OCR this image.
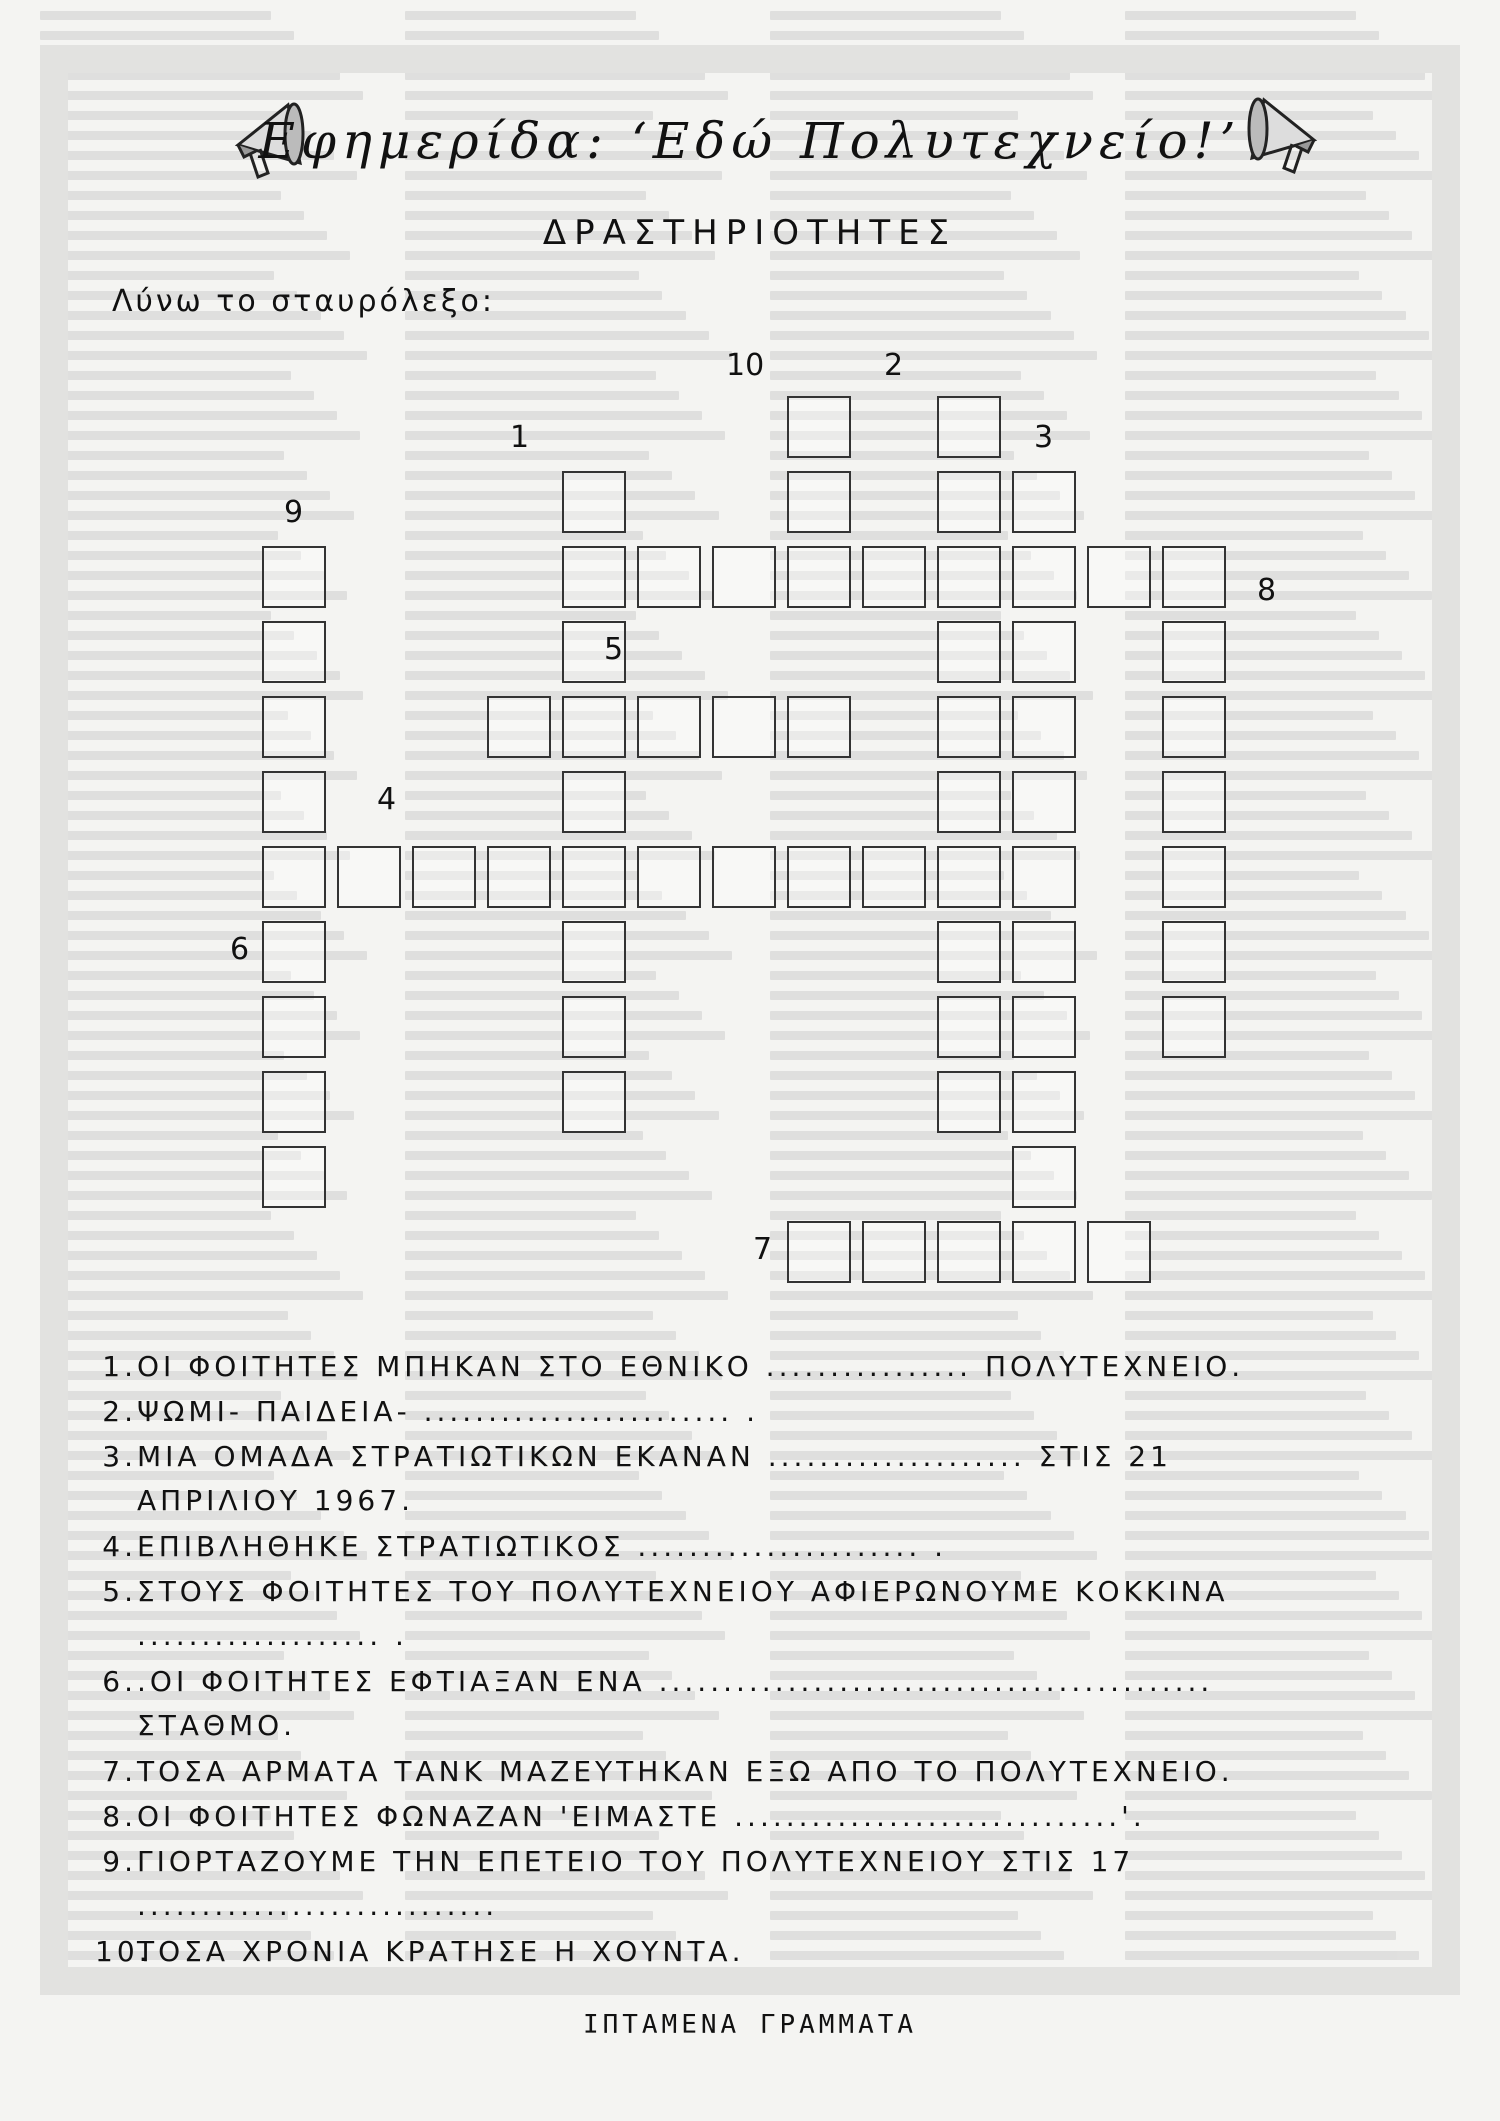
Εφημερίδα: ‘Εδώ Πολυτεχνείο!’
ΔΡΑΣΤΗΡΙΟΤΗΤΕΣ
Λύνω το σταυρόλεξο:
1
2
3
4
5
6
7
8
9
10
1.ΟΙ ΦΟΙΤΗΤΕΣ ΜΠΗΚΑΝ ΣΤΟ ΕΘΝΙΚΟ ................ ΠΟΛΥΤΕΧΝΕΙΟ.
2.ΨΩΜΙ- ΠΑΙΔΕΙΑ- ........................ .
3.ΜΙΑ ΟΜΑΔΑ ΣΤΡΑΤΙΩΤΙΚΩΝ ΕΚΑΝΑΝ .................... ΣΤΙΣ 21
ΑΠΡΙΛΙΟΥ 1967.
4.ΕΠΙΒΛΗΘΗΚΕ ΣΤΡΑΤΙΩΤΙΚΟΣ ...................... .
5.ΣΤΟΥΣ ΦΟΙΤΗΤΕΣ ΤΟΥ ΠΟΛΥΤΕΧΝΕΙΟΥ ΑΦΙΕΡΩΝΟΥΜΕ ΚΟΚΚΙΝΑ
................... .
6..ΟΙ ΦΟΙΤΗΤΕΣ ΕΦΤΙΑΞΑΝ ΕΝΑ ...........................................
ΣΤΑΘΜΟ.
7.ΤΟΣΑ ΑΡΜΑΤΑ ΤΑΝΚ ΜΑΖΕΥΤΗΚΑΝ ΕΞΩ ΑΠΟ ΤΟ ΠΟΛΥΤΕΧΝΕΙΟ.
8.ΟΙ ΦΟΙΤΗΤΕΣ ΦΩΝΑΖΑΝ 'ΕΙΜΑΣΤΕ ..............................'.
9.ΓΙΟΡΤΑΖΟΥΜΕ ΤΗΝ ΕΠΕΤΕΙΟ ΤΟΥ ΠΟΛΥΤΕΧΝΕΙΟΥ ΣΤΙΣ 17
............................
10.ΤΟΣΑ ΧΡΟΝΙΑ ΚΡΑΤΗΣΕ Η ΧΟΥΝΤΑ.
ΙΠΤΑΜΕΝΑ ΓΡΑΜΜΑΤΑ
